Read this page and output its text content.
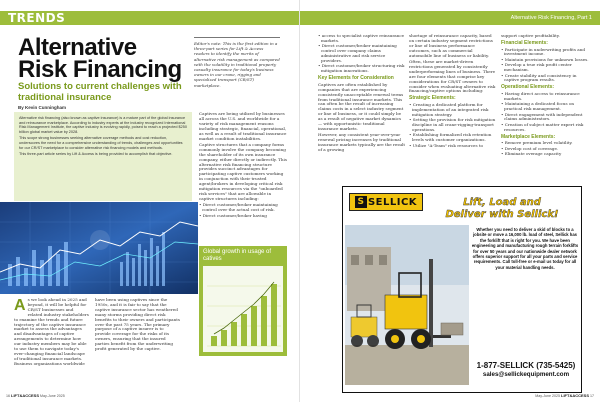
TRENDS
Alternative
Risk Financing
Solutions to current challenges with traditional insurance
By Kevin Cunningham
Editor's note: This is the first edition in a three-part series for Lift & Access readers to identify the merits of alternative risk management as compared with the volatility in traditional property casualty insurance for today's business owners in our crane, rigging and specialized transport (CR/ST) marketplace.

Alternative risk financing (also known as captive insurance) is a mature part of the global insurance and reinsurance marketplace. According to industry experts at the industry recognized International Risk Management Institute, the captive industry is evolving rapidly, poised to reach a projected $250 billion global market value by 2028.

This scope strong businesses seeking alternative coverage methods and cost reduction, underscores the need for a comprehensive understanding of trends, challenges and opportunities for our CR/ST marketplace to consider alternative risk financing models and methods.

This three-part article series by Lift & Access is being provided to accomplish that objective.

A s we look ahead in 2025 and beyond, it will be helpful for CR/ST businesses and related industry stakeholders to examine the trends and future trajectory of the captive insurance market to assess the advantages and disadvantages of captive arrangements to determine how our industry members may be able to use them to navigate today's ever-changing financial landscape of traditional insurance markets. Business organizations worldwide
have been using captives since the 1950s, and it is fair to say that the captive insurance sector has weathered many storms providing direct risk benefits to their owners and participants over the past 75 years. The primary purpose of a captive insurer is to provide coverage for the risks of its owners, ensuring that the insured parties benefit from the underwriting profit generated by the captive.

Captives are being utilized by businesses all across the U.S. and worldwide for a variety of risk management reasons including strategic, financial, operational, as well as a result of traditional insurance market condition instabilities.

Captive structures that a company forms commonly involve the company becoming the shareholder of its own insurance company, either directly or indirectly. This alternative risk financing structure provides succinct advantages for participating captive customers working in conjunction with their trusted agent/brokers in developing critical risk mitigation resources via the "onboarded risk services" that are allowable in captive structures including:

• Direct customer/broker maintaining control over the actual cost of risk.
• Direct customer/broker having
Global growth in usage of catives
16 LIFT&ACCESS May-June 2025
Alternative Risk Financing, Part 1
• access to specialist captive reinsurance markets.
• Direct customer/broker maintaining control over company claims administrative and risk service providers.
• Direct customer/broker structuring risk mitigation innovations.
Key Elements for Consideration

Captives are often established by companies that are experiencing consistently unacceptable renewal terms from traditional insurance markets. This can often be the result of increasing claims costs in a select industry segment or line of business, or it could simply be as a result of negative market dynamics — with opportunistic traditional insurance markets.

However, any consistent year-over-year renewal pricing increases by traditional insurance markets typically are the result of a growing

shortage of reinsurance capacity, based on certain industry segment restrictions or line of business performance outcomes, such as commercial automobile line of business or liability.

Often, these are market-driven restrictions generated by consistently underperforming lines of business. There are four elements that comprise key considerations for CR/ST owners to consider when evaluating alternative risk financing/captive options including:

Strategic Elements:
• Creating a dedicated platform for implementation of an integrated risk mitigation strategy.
• Setting the provision for risk mitigation discipline in all crane-rigging-transport operations.
• Establishing formalized risk retention levels with customer organizations.
• Utilize "A-Team" risk resources to

support captive profitability.

Financial Elements:
• Participate in underwriting profits and investment income.
• Maintain provisions for unknown losses.
• Develop a true risk profit center mechanism.
• Create stability and consistency in captive program results.
Operational Elements:
• Having direct access to reinsurance markets.
• Maintaining a dedicated focus on practical risk management.
• Direct engagement with independent claims administrators.
• Creation of subject matter expert risk resources.
Marketplace Elements:
• Remove premium level volatility.
• Develop cost of coverage.
• Eliminate overage capacity
S SELLICK	Lift, Load and
Deliver with Sellick!

Whether you need to deliver a skid of blocks to a jobsite or move a 16,000 lb. load of steel, Sellick has the forklift that is right for you. We have been engineering and manufacturing rough terrain forklifts for over 50 years and our nationwide dealer network offers superior support for all your parts and service requirements. Call toll-free or e-mail us today for all your material handling needs.

1-877-SELLICK (735-5425)
sales@sellickequipment.com
May-June 2025 LIFT&ACCESS 17
